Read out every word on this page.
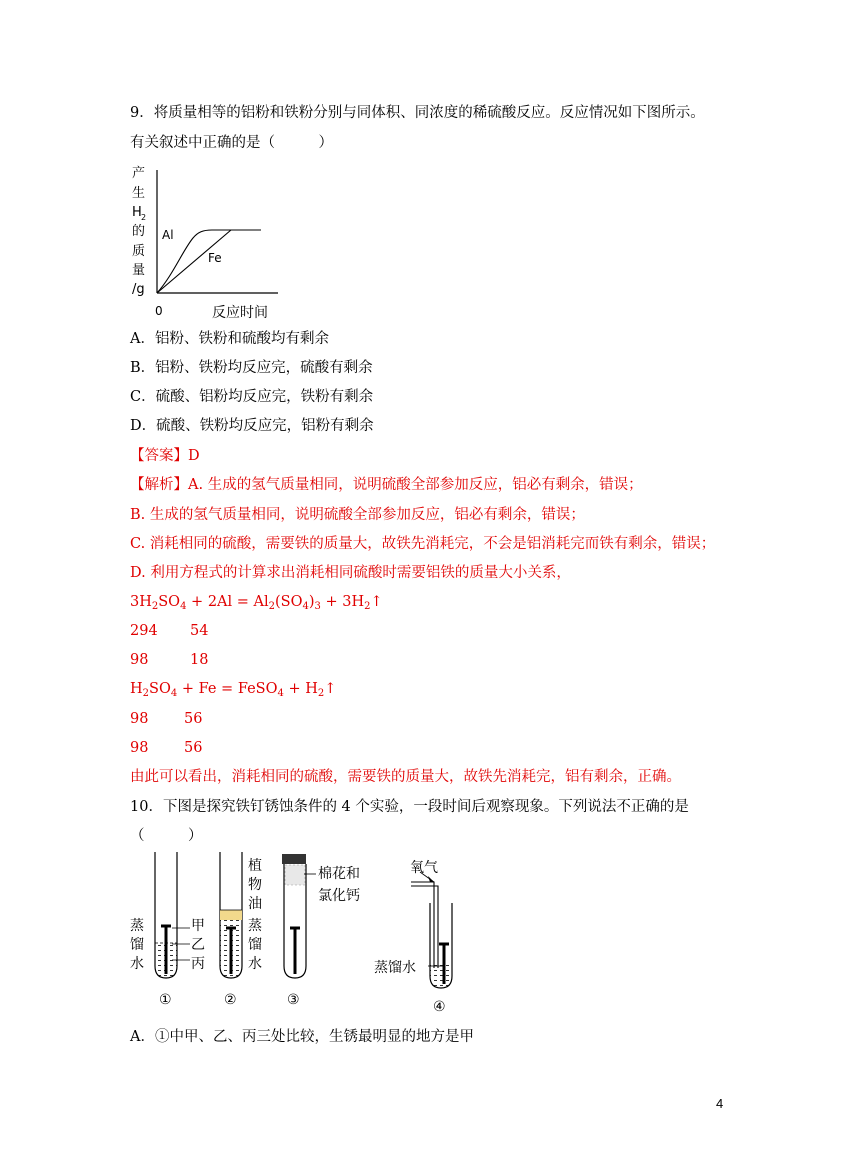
9．将质量相等的铝粉和铁粉分别与同体积、同浓度的稀硫酸反应。反应情况如下图所示。
有关叙述中正确的是（　　　）
产
生
H 2
的
质
量
/g
Al
Fe
0	反应时间
A．铝粉、铁粉和硫酸均有剩余
B．铝粉、铁粉均反应完，硫酸有剩余
C．硫酸、铝粉均反应完，铁粉有剩余
D．硫酸、铁粉均反应完，铝粉有剩余
【答案】D
【解析】A. 生成的氢气质量相同，说明硫酸全部参加反应，铝必有剩余，错误；
B. 生成的氢气质量相同，说明硫酸全部参加反应，铝必有剩余，错误；
C. 消耗相同的硫酸，需要铁的质量大，故铁先消耗完，不会是铝消耗完而铁有剩余，错误；
D. 利用方程式的计算求出消耗相同硫酸时需要铝铁的质量大小关系，
$3H_2SO_4 + 2Al = Al_2(SO_4)_3$ + $3H_2↑$
294 54
98	18
$H_2SO_4 + Fe$ = FeSO$_4$ + $H_2↑$
98 56
98 56
由此可以看出，消耗相同的硫酸，需要铁的质量大，故铁先消耗完，铝有剩余，正确。
10．下图是探究铁钉锈蚀条件的 4 个实验，一段时间后观察现象。下列说法不正确的是
（　　　）
蒸
馏
水
甲
乙
丙
①
植
物
油
蒸
馏
水
②
棉花和
氯化钙
③
氧气
蒸馏水
④
A．①中甲、乙、丙三处比较，生锈最明显的地方是甲
4
